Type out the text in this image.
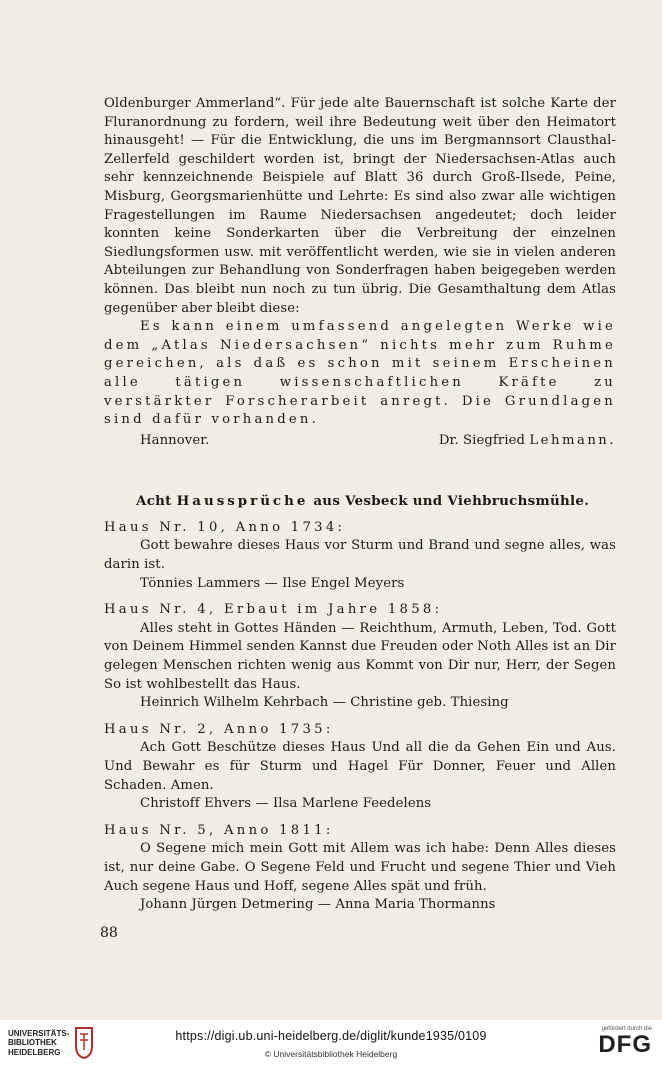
Oldenburger Ammerland“. Für jede alte Bauernschaft ist solche Karte der Fluranordnung zu fordern, weil ihre Bedeutung weit über den Heimatort hinausgeht! — Für die Entwicklung, die uns im Bergmannsort Clausthal-Zellerfeld geschildert worden ist, bringt der Niedersachsen-Atlas auch sehr kennzeichnende Beispiele auf Blatt 36 durch Groß-Ilsede, Peine, Misburg, Georgsmarienhütte und Lehrte: Es sind also zwar alle wichtigen Fragestellungen im Raume Niedersachsen angedeutet; doch leider konnten keine Sonderkarten über die Verbreitung der einzelnen Siedlungsformen usw. mit veröffentlicht werden, wie sie in vielen anderen Abteilungen zur Behandlung von Sonderfragen haben beigegeben werden können. Das bleibt nun noch zu tun übrig. Die Gesamthaltung dem Atlas gegenüber aber bleibt diese:

Es kann einem umfassend angelegten Werke wie dem „Atlas Niedersachsen“ nichts mehr zum Ruhme gereichen, als daß es schon mit seinem Erscheinen alle tätigen wissenschaftlichen Kräfte zu verstärkter Forscherarbeit anregt. Die Grundlagen sind dafür vorhanden.

Hannover.	Dr. Siegfried Lehmann.
Acht Haussprüche aus Vesbeck und Viehbruchsmühle.

Haus Nr. 10, Anno 1734:

Gott bewahre dieses Haus vor Sturm und Brand und segne alles, was darin ist.

Tönnies Lammers — Ilse Engel Meyers

Haus Nr. 4, Erbaut im Jahre 1858:

Alles steht in Gottes Händen — Reichthum, Armuth, Leben, Tod. Gott von Deinem Himmel senden Kannst due Freuden oder Noth Alles ist an Dir gelegen Menschen richten wenig aus Kommt von Dir nur, Herr, der Segen So ist wohlbestellt das Haus.

Heinrich Wilhelm Kehrbach — Christine geb. Thiesing

Haus Nr. 2, Anno 1735:

Ach Gott Beschütze dieses Haus Und all die da Gehen Ein und Aus. Und Bewahr es für Sturm und Hagel Für Donner, Feuer und Allen Schaden. Amen.

Christoff Ehvers — Ilsa Marlene Feedelens

Haus Nr. 5, Anno 1811:

O Segene mich mein Gott mit Allem was ich habe: Denn Alles dieses ist, nur deine Gabe. O Segene Feld und Frucht und segene Thier und Vieh Auch segene Haus und Hoff, segene Alles spät und früh.

Johann Jürgen Detmering — Anna Maria Thormanns

88
UNIVERSITÄTS-
BIBLIOTHEK
HEIDELBERG
https://digi.ub.uni-heidelberg.de/diglit/kunde1935/0109
© Universitätsbibliothek Heidelberg
gefördert durch die
DFG
